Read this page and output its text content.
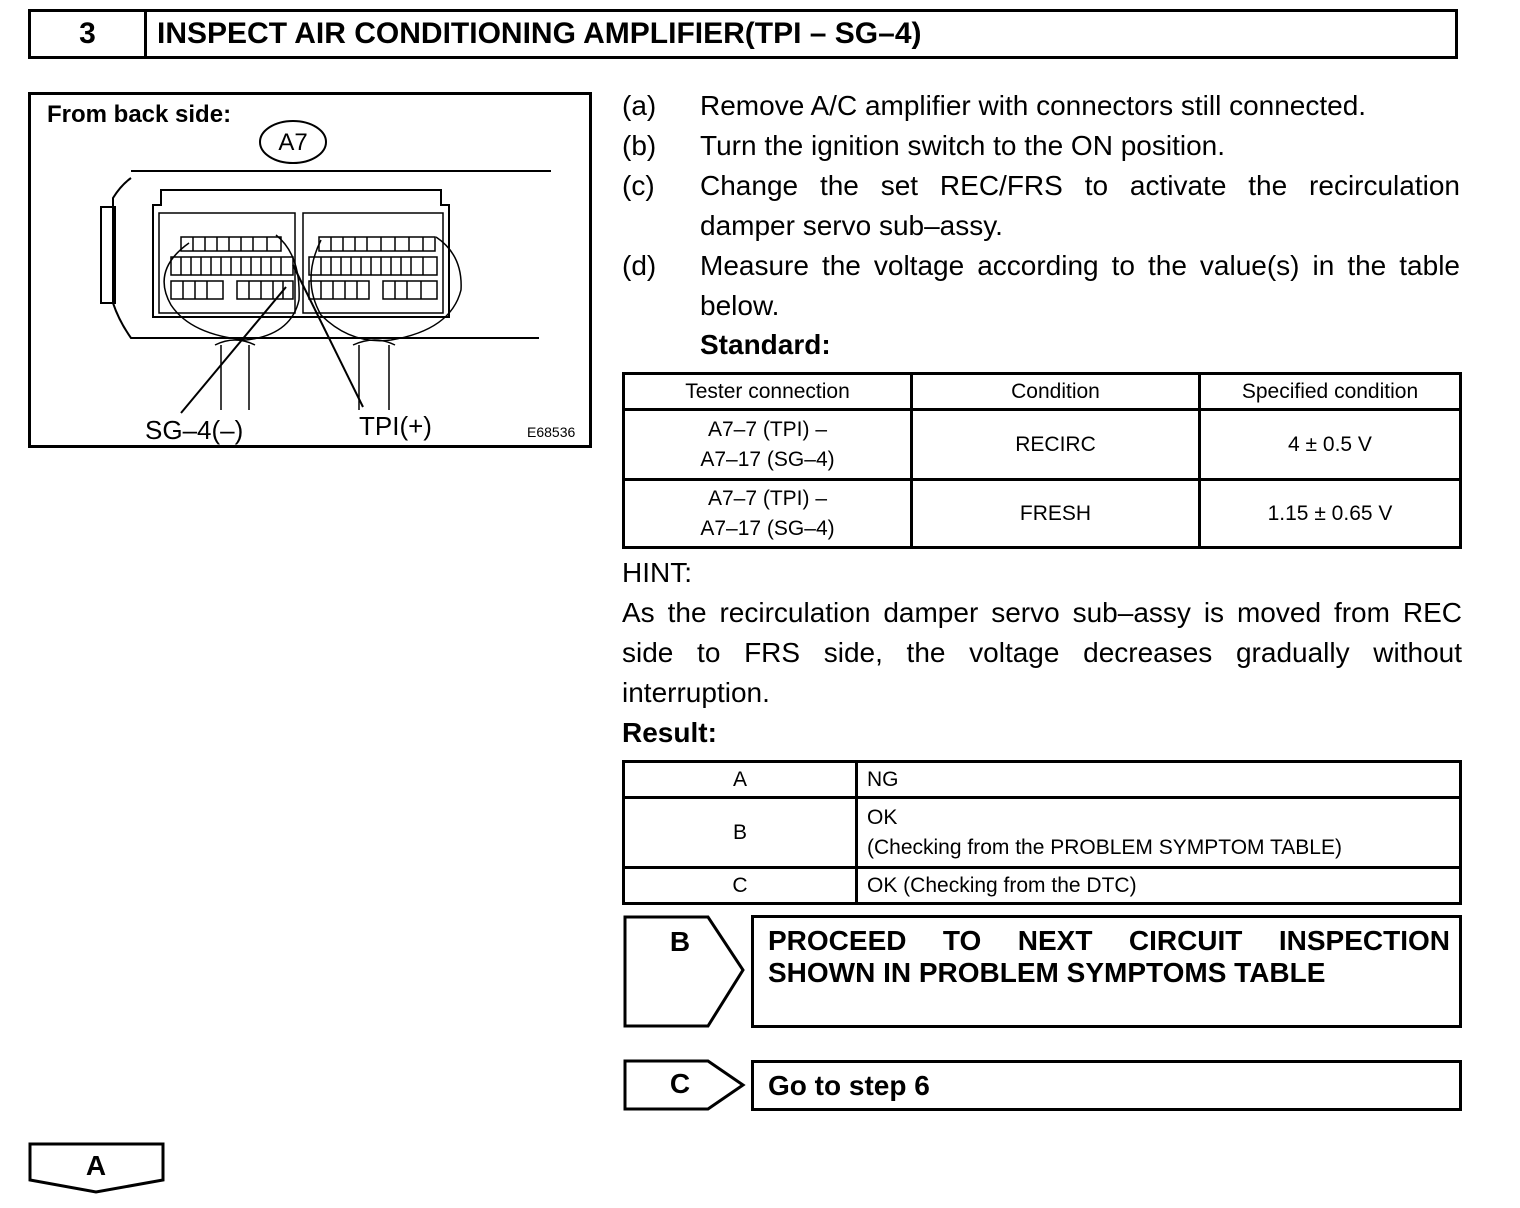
3	INSPECT AIR CONDITIONING AMPLIFIER(TPI – SG–4)
From back side:
A7
SG–4(–)	TPI(+)	E68536
(a)	Remove A/C amplifier with connectors still connected.
(b)	Turn the ignition switch to the ON position.
(c)	Change the set REC/FRS to activate the recirculation damper servo sub–assy.
(d)	Measure the voltage according to the value(s) in the table below.
Standard:
Tester connection	Condition	Specified condition
A7–7 (TPI) –
A7–17 (SG–4)	RECIRC	4 ± 0.5 V
A7–7 (TPI) –
A7–17 (SG–4)	FRESH	1.15 ± 0.65 V
HINT:
As the recirculation damper servo sub–assy is moved from REC side to FRS side, the voltage decreases gradually without interruption.
Result:
A	NG
B	OK
(Checking from the PROBLEM SYMPTOM TABLE)
C	OK (Checking from the DTC)
B	PROCEED TO NEXT CIRCUIT INSPECTION
SHOWN IN PROBLEM SYMPTOMS TABLE
C	Go to step 6
A
